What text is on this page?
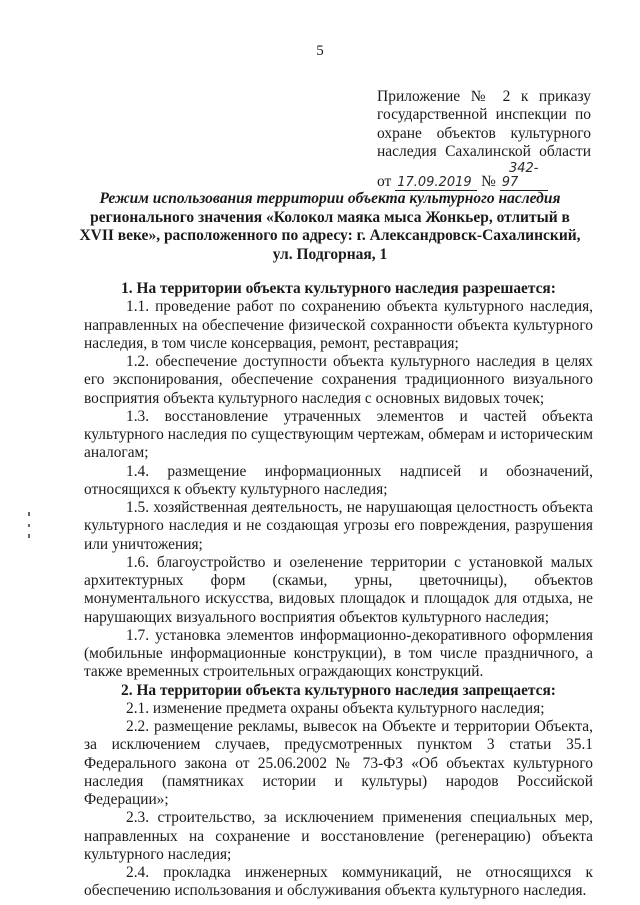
5
Приложение № 2 к приказу
государственной инспекции по
охране объектов культурного
наследия Сахалинской области
от 17.09.2019 № 342-97
Режим использования территории объекта культурного наследия
регионального значения «Колокол маяка мыса Жонкьер, отлитый в
XVII веке», расположенного по адресу: г. Александровск-Сахалинский,
ул. Подгорная, 1

1. На территории объекта культурного наследия разрешается:

1.1. проведение работ по сохранению объекта культурного наследия, направленных на обеспечение физической сохранности объекта культурного наследия, в том числе консервация, ремонт, реставрация;

1.2. обеспечение доступности объекта культурного наследия в целях его экспонирования, обеспечение сохранения традиционного визуального восприятия объекта культурного наследия с основных видовых точек;

1.3. восстановление утраченных элементов и частей объекта культурного наследия по существующим чертежам, обмерам и историческим аналогам;

1.4. размещение информационных надписей и обозначений, относящихся к объекту культурного наследия;

1.5. хозяйственная деятельность, не нарушающая целостность объекта культурного наследия и не создающая угрозы его повреждения, разрушения или уничтожения;

1.6. благоустройство и озеленение территории с установкой малых архитектурных форм (скамьи, урны, цветочницы), объектов монументального искусства, видовых площадок и площадок для отдыха, не нарушающих визуального восприятия объектов культурного наследия;

1.7. установка элементов информационно-декоративного оформления (мобильные информационные конструкции), в том числе праздничного, а также временных строительных ограждающих конструкций.

2. На территории объекта культурного наследия запрещается:

2.1. изменение предмета охраны объекта культурного наследия;

2.2. размещение рекламы, вывесок на Объекте и территории Объекта, за исключением случаев, предусмотренных пунктом 3 статьи 35.1 Федерального закона от 25.06.2002 № 73-ФЗ «Об объектах культурного наследия (памятниках истории и культуры) народов Российской Федерации»;

2.3. строительство, за исключением применения специальных мер, направленных на сохранение и восстановление (регенерацию) объекта культурного наследия;

2.4. прокладка инженерных коммуникаций, не относящихся к обеспечению использования и обслуживания объекта культурного наследия.
